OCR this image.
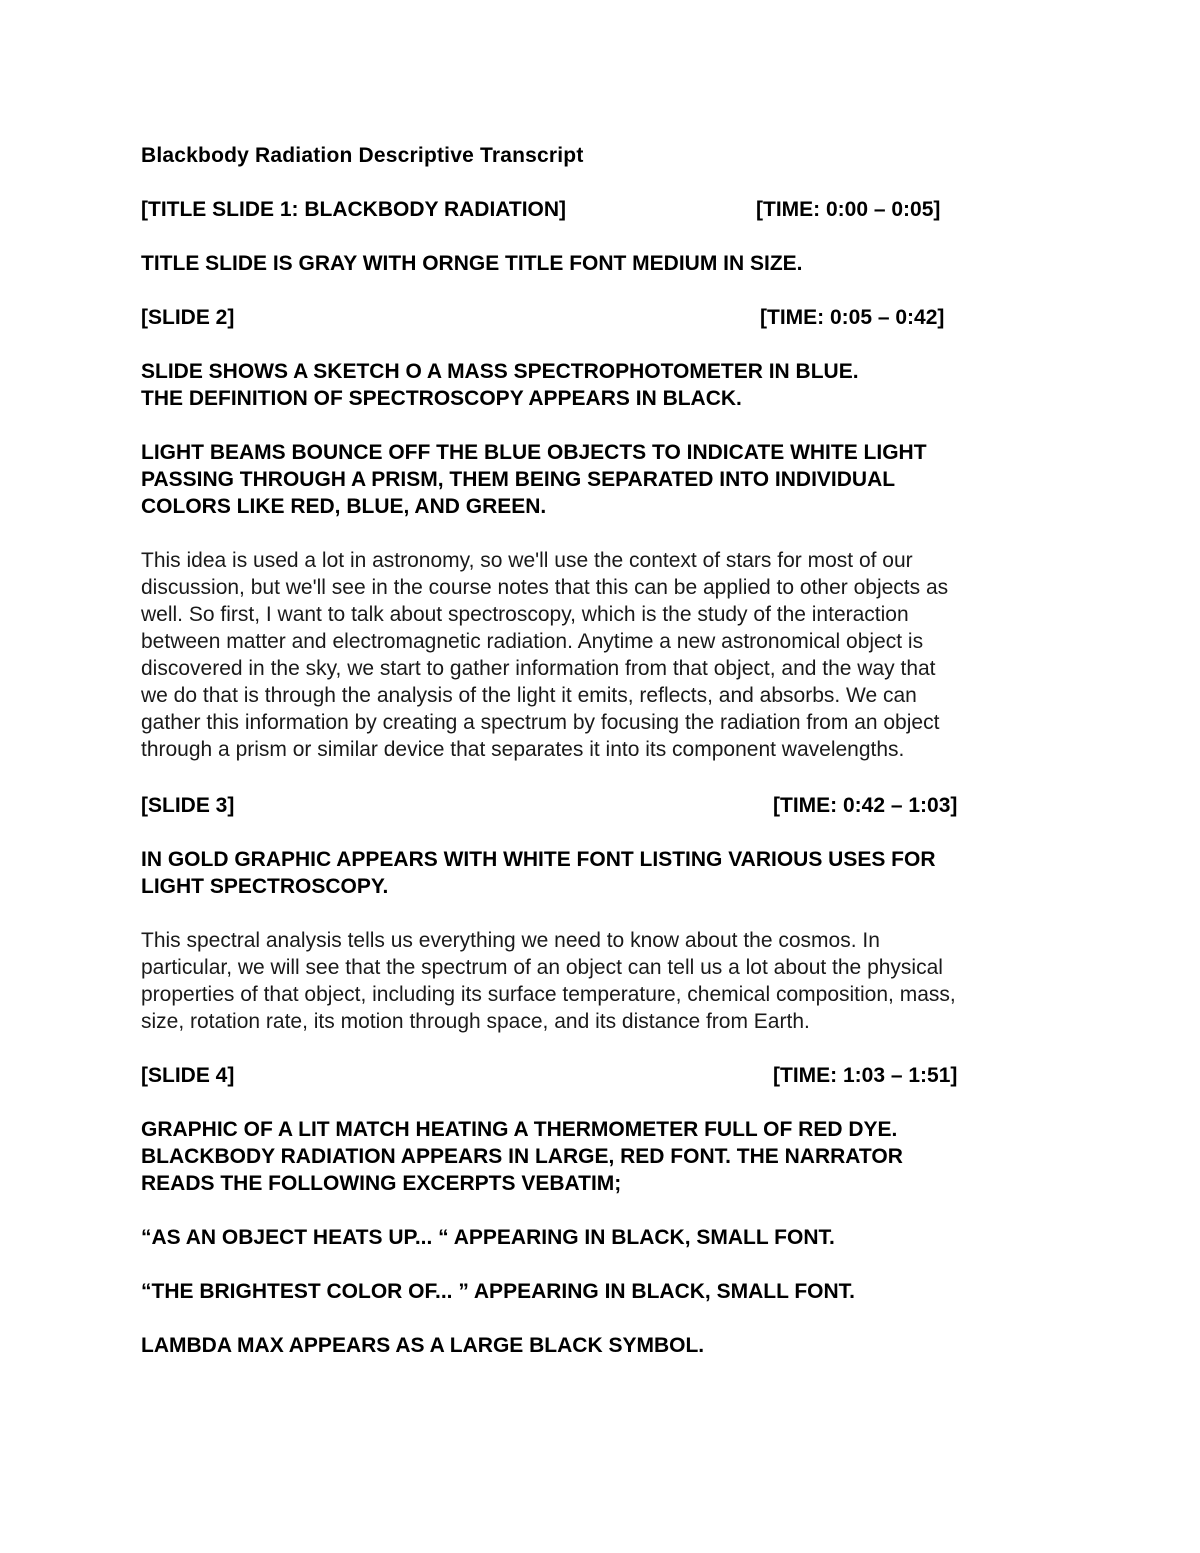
Blackbody Radiation Descriptive Transcript
[TITLE SLIDE 1: BLACKBODY RADIATION]	[TIME: 0:00 – 0:05]
TITLE SLIDE IS GRAY WITH ORNGE TITLE FONT MEDIUM IN SIZE.
[SLIDE 2]	[TIME: 0:05 – 0:42]
SLIDE SHOWS A SKETCH O A MASS SPECTROPHOTOMETER IN BLUE.
THE DEFINITION OF SPECTROSCOPY APPEARS IN BLACK.
LIGHT BEAMS BOUNCE OFF THE BLUE OBJECTS TO INDICATE WHITE LIGHT
PASSING THROUGH A PRISM, THEM BEING SEPARATED INTO INDIVIDUAL
COLORS LIKE RED, BLUE, AND GREEN.
This idea is used a lot in astronomy, so we'll use the context of stars for most of our
discussion, but we'll see in the course notes that this can be applied to other objects as
well. So first, I want to talk about spectroscopy, which is the study of the interaction
between matter and electromagnetic radiation. Anytime a new astronomical object is
discovered in the sky, we start to gather information from that object, and the way that
we do that is through the analysis of the light it emits, reflects, and absorbs. We can
gather this information by creating a spectrum by focusing the radiation from an object
through a prism or similar device that separates it into its component wavelengths.
[SLIDE 3]	[TIME: 0:42 – 1:03]
IN GOLD GRAPHIC APPEARS WITH WHITE FONT LISTING VARIOUS USES FOR
LIGHT SPECTROSCOPY.
This spectral analysis tells us everything we need to know about the cosmos. In
particular, we will see that the spectrum of an object can tell us a lot about the physical
properties of that object, including its surface temperature, chemical composition, mass,
size, rotation rate, its motion through space, and its distance from Earth.
[SLIDE 4]	[TIME: 1:03 – 1:51]
GRAPHIC OF A LIT MATCH HEATING A THERMOMETER FULL OF RED DYE.
BLACKBODY RADIATION APPEARS IN LARGE, RED FONT. THE NARRATOR
READS THE FOLLOWING EXCERPTS VEBATIM;
“AS AN OBJECT HEATS UP... “ APPEARING IN BLACK, SMALL FONT.
“THE BRIGHTEST COLOR OF... ” APPEARING IN BLACK, SMALL FONT.
LAMBDA MAX APPEARS AS A LARGE BLACK SYMBOL.
